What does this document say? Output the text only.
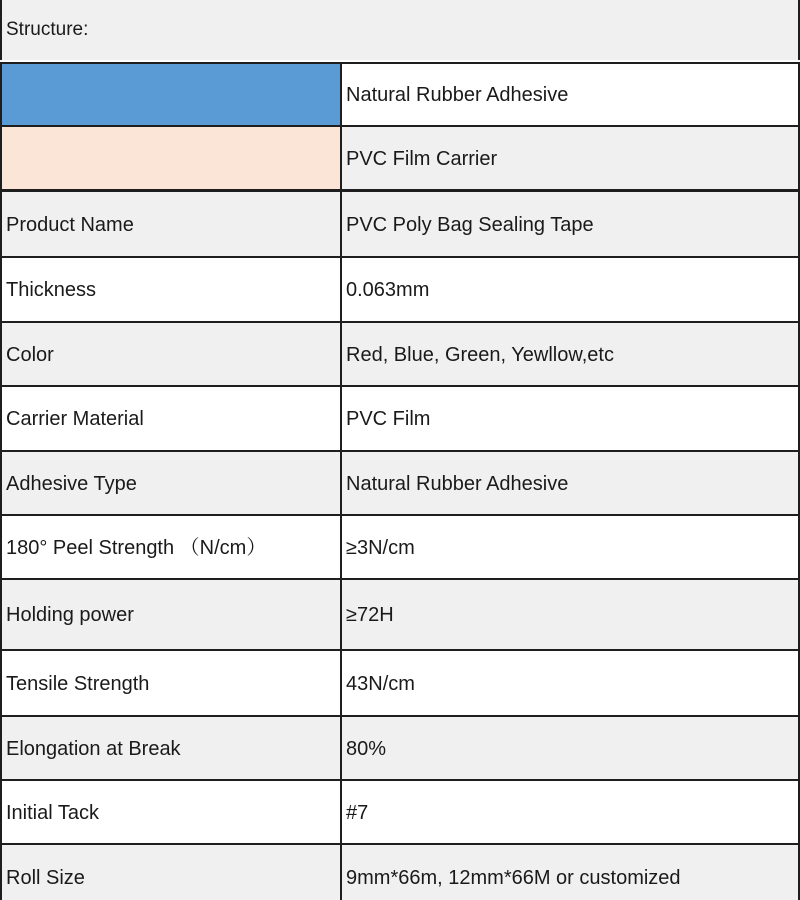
Structure:
Natural Rubber Adhesive
PVC Film Carrier
Product Name	PVC Poly Bag Sealing Tape
Thickness	0.063mm
Color	Red, Blue, Green, Yewllow,etc
Carrier Material	PVC Film
Adhesive Type	Natural Rubber Adhesive
180° Peel Strength （N/cm）	≥3N/cm
Holding power	≥72H
Tensile Strength	43N/cm
Elongation at Break	80%
Initial Tack	#7
Roll Size	9mm*66m, 12mm*66M or customized
